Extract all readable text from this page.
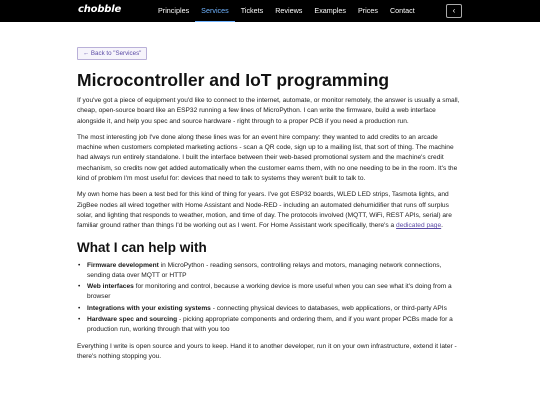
chobble	Principles	Services	Tickets	Reviews	Examples	Prices	Contact	‹
← Back to "Services"
Microcontroller and IoT programming

If you've got a piece of equipment you'd like to connect to the internet, automate, or monitor remotely, the answer is usually a small, cheap, open-source board like an ESP32 running a few lines of MicroPython. I can write the firmware, build a web interface alongside it, and help you spec and source hardware - right through to a proper PCB if you need a production run.

The most interesting job I've done along these lines was for an event hire company: they wanted to add credits to an arcade machine when customers completed marketing actions - scan a QR code, sign up to a mailing list, that sort of thing. The machine had always run entirely standalone. I built the interface between their web-based promotional system and the machine's credit mechanism, so credits now get added automatically when the customer earns them, with no one needing to be in the room. It's the kind of problem I'm most useful for: devices that need to talk to systems they weren't built to talk to.

My own home has been a test bed for this kind of thing for years. I've got ESP32 boards, WLED LED strips, Tasmota lights, and ZigBee nodes all wired together with Home Assistant and Node-RED - including an automated dehumidifier that runs off surplus solar, and lighting that responds to weather, motion, and time of day. The protocols involved (MQTT, WiFi, REST APIs, serial) are familiar ground rather than things I'd be working out as I went. For Home Assistant work specifically, there's a dedicated page.

What I can help with
• Firmware development in MicroPython - reading sensors, controlling relays and motors, managing network connections, sending data over MQTT or HTTP
• Web interfaces for monitoring and control, because a working device is more useful when you can see what it's doing from a browser
• Integrations with your existing systems - connecting physical devices to databases, web applications, or third-party APIs
• Hardware spec and sourcing - picking appropriate components and ordering them, and if you want proper PCBs made for a production run, working through that with you too

Everything I write is open source and yours to keep. Hand it to another developer, run it on your own infrastructure, extend it later - there's nothing stopping you.
